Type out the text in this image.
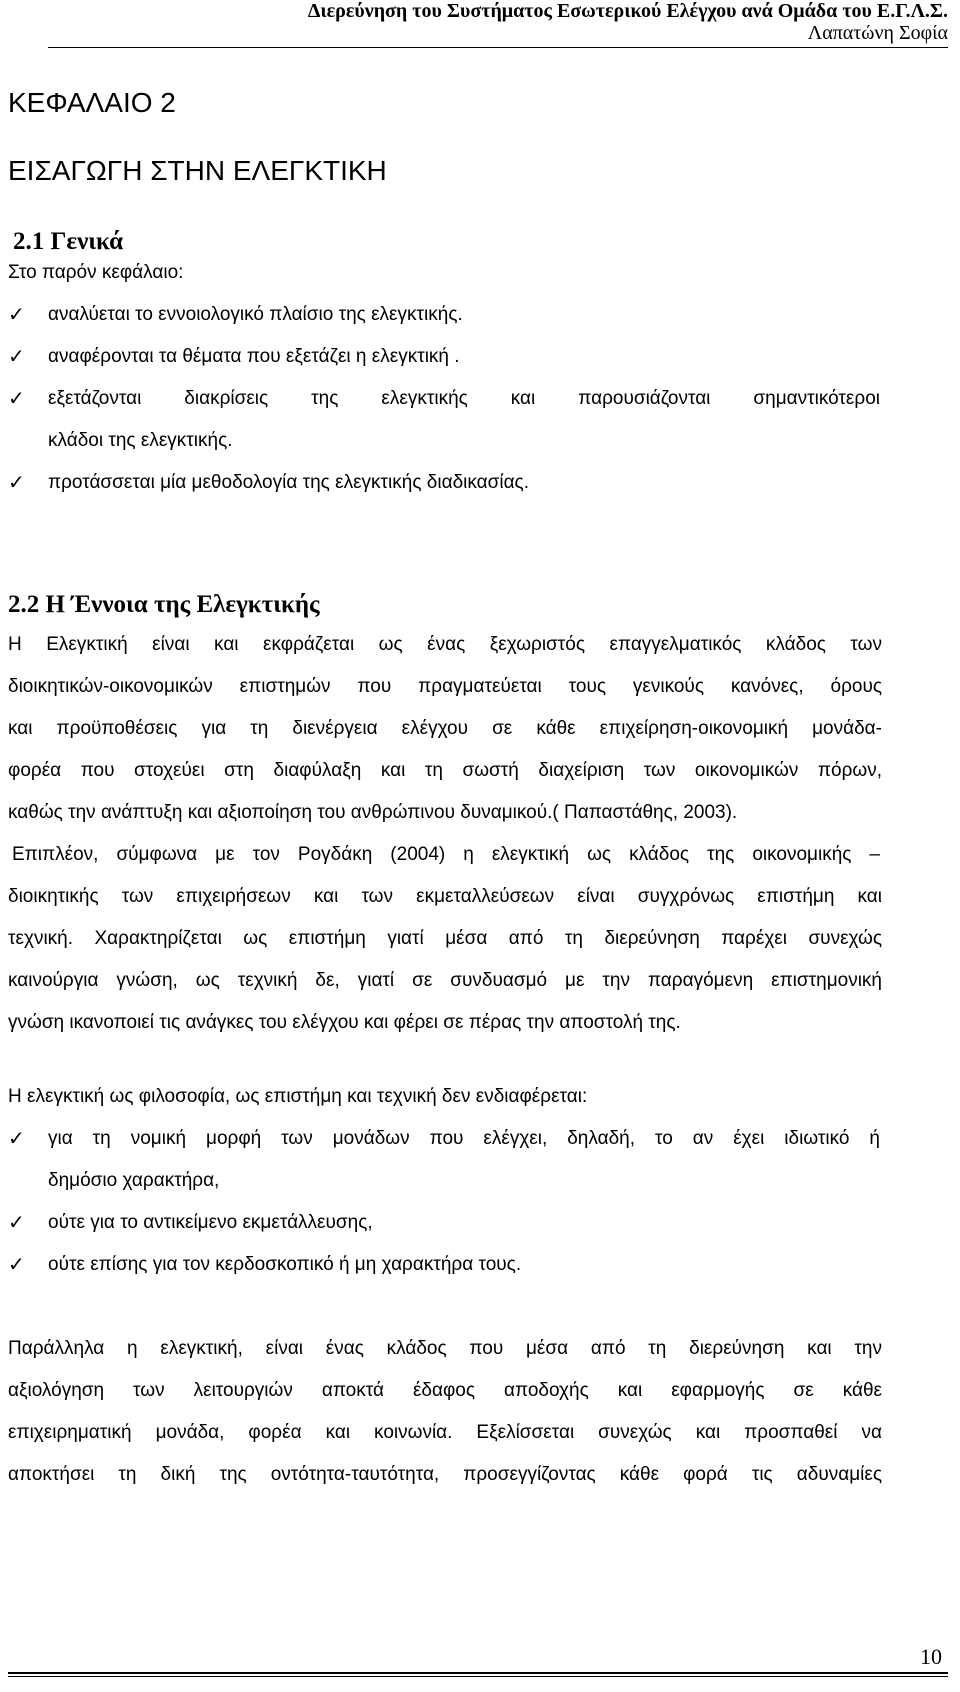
Διερεύνηση του Συστήματος Εσωτερικού Ελέγχου ανά Ομάδα του Ε.Γ.Λ.Σ.
Λαπατώνη Σοφία
ΚΕΦΑΛΑΙΟ 2
ΕΙΣΑΓΩΓΗ ΣΤΗΝ ΕΛΕΓΚΤΙΚΗ
2.1 Γενικά
Στο παρόν κεφάλαιο:
✓ αναλύεται το εννοιολογικό πλαίσιο της ελεγκτικής.
✓ αναφέρονται τα θέματα που εξετάζει η ελεγκτική .
✓ εξετάζονται διακρίσεις της ελεγκτικής και παρουσιάζονται σημαντικότεροι
κλάδοι της ελεγκτικής.
✓ προτάσσεται μία μεθοδολογία της ελεγκτικής διαδικασίας.
2.2 Η Έννοια της Ελεγκτικής
Η Ελεγκτική είναι και εκφράζεται ως ένας ξεχωριστός επαγγελματικός κλάδος των
διοικητικών-οικονομικών επιστημών που πραγματεύεται τους γενικούς κανόνες, όρους
και προϋποθέσεις για τη διενέργεια ελέγχου σε κάθε επιχείρηση-οικονομική μονάδα-
φορέα που στοχεύει στη διαφύλαξη και τη σωστή διαχείριση των οικονομικών πόρων,
καθώς την ανάπτυξη και αξιοποίηση του ανθρώπινου δυναμικού.( Παπαστάθης, 2003).
Επιπλέον, σύμφωνα με τον Ρογδάκη (2004) η ελεγκτική ως κλάδος της οικονομικής –
διοικητικής των επιχειρήσεων και των εκμεταλλεύσεων είναι συγχρόνως επιστήμη και
τεχνική. Χαρακτηρίζεται ως επιστήμη γιατί μέσα από τη διερεύνηση παρέχει συνεχώς
καινούργια γνώση, ως τεχνική δε, γιατί σε συνδυασμό με την παραγόμενη επιστημονική
γνώση ικανοποιεί τις ανάγκες του ελέγχου και φέρει σε πέρας την αποστολή της.
Η ελεγκτική ως φιλοσοφία, ως επιστήμη και τεχνική δεν ενδιαφέρεται:
✓ για τη νομική μορφή των μονάδων που ελέγχει, δηλαδή, το αν έχει ιδιωτικό ή
δημόσιο χαρακτήρα,
✓ ούτε για το αντικείμενο εκμετάλλευσης,
✓ ούτε επίσης για τον κερδοσκοπικό ή μη χαρακτήρα τους.
Παράλληλα η ελεγκτική, είναι ένας κλάδος που μέσα από τη διερεύνηση και την
αξιολόγηση των λειτουργιών αποκτά έδαφος αποδοχής και εφαρμογής σε κάθε
επιχειρηματική μονάδα, φορέα και κοινωνία. Εξελίσσεται συνεχώς και προσπαθεί να
αποκτήσει τη δική της οντότητα-ταυτότητα, προσεγγίζοντας κάθε φορά τις αδυναμίες
10
